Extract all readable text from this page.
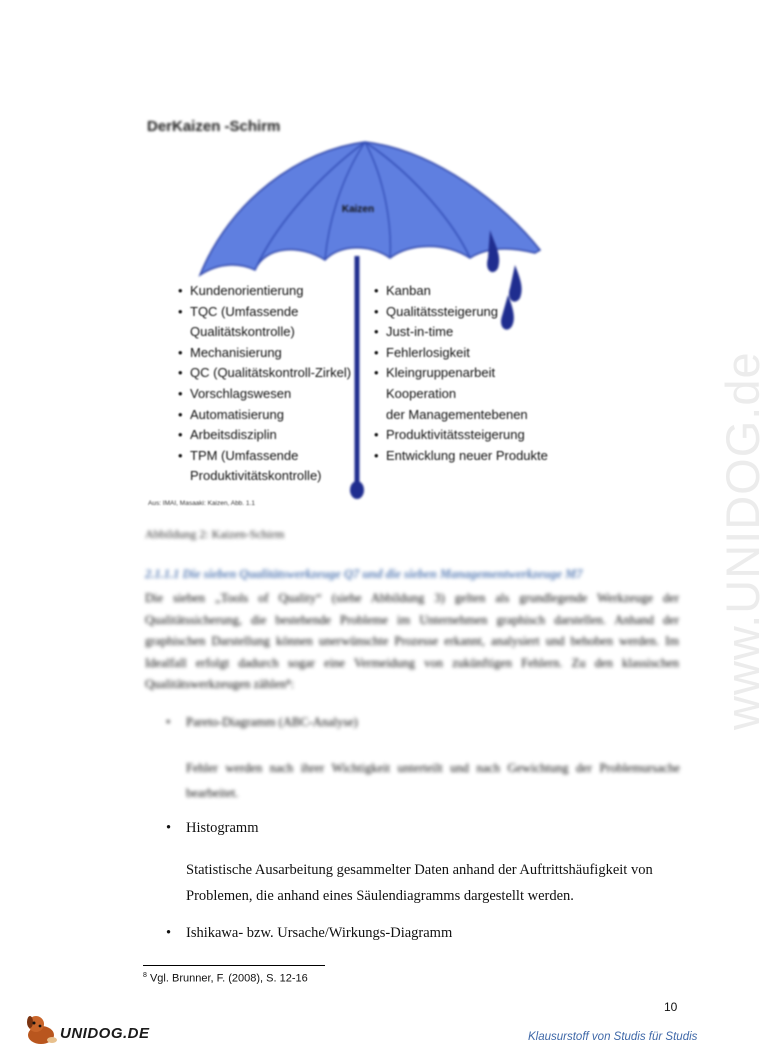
www.UNIDOG.de
DerKaizen -Schirm
Kaizen
• Kundenorientierung
• TQC (Umfassende
Qualitätskontrolle)
• Mechanisierung
• QC (Qualitätskontroll-Zirkel)
• Vorschlagswesen
• Automatisierung
• Arbeitsdisziplin
• TPM (Umfassende
Produktivitätskontrolle)
• Kanban
• Qualitätssteigerung
• Just-in-time
• Fehlerlosigkeit
• Kleingruppenarbeit
Kooperation
der Managementebenen
• Produktivitätssteigerung
• Entwicklung neuer Produkte
Aus: IMAI, Masaaki: Kaizen, Abb. 1.1
Abbildung 2: Kaizen-Schirm
2.1.1.1 Die sieben Qualitätswerkzeuge Q7 und die sieben Managementwerkzeuge M7
Die sieben „Tools of Quality“ (siehe Abbildung 3) gelten als grundlegende Werkzeuge der Qualitätssicherung, die bestehende Probleme im Unternehmen graphisch darstellen. Anhand der graphischen Darstellung können unerwünschte Prozesse erkannt, analysiert und behoben werden. Im Idealfall erfolgt dadurch sogar eine Vermeidung von zukünftigen Fehlern. Zu den klassischen Qualitätswerkzeugen zählen⁸:
• Pareto-Diagramm (ABC-Analyse)
Fehler werden nach ihrer Wichtigkeit unterteilt und nach Gewichtung der Problemursache bearbeitet.
• Histogramm
Statistische Ausarbeitung gesammelter Daten anhand der Auftrittshäufigkeit von Problemen, die anhand eines Säulendiagramms dargestellt werden.
• Ishikawa- bzw. Ursache/Wirkungs-Diagramm
$^8$ Vgl. Brunner, F. (2008), S. 12-16
10
UNIDOG.DE	Klausurstoff von Studis für Studis
